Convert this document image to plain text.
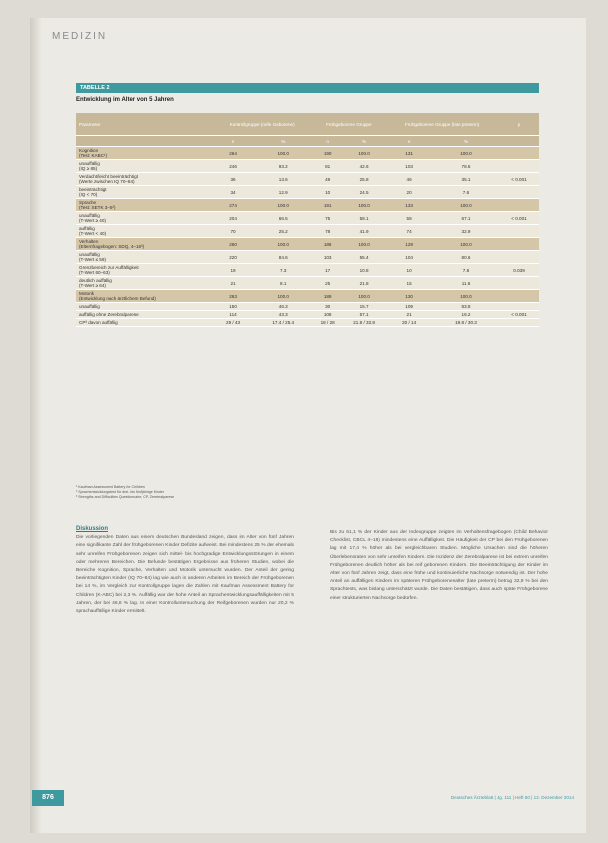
MEDIZIN
TABELLE 2
Entwicklung im Alter von 5 Jahren
Parameter	Kontrollgruppe (reife Geborene)		Frühgeborene Gruppe		Frühgeborene Gruppe (late preterm)		p
	n	%	n	%	n	%	

Kognition
(Test: KABC¹)	264	100.0	190	100.0	131	100.0	

unauffällig
(IQ ≥ 85)	246	93.2	81	42.6	103	78.6	

Verdacht/leicht beeinträchtigt
(Werte zwischen IQ 70–84)	36	13.6	49	25.8	46	35.1	< 0.001

beeinträchtigt
(IQ < 70)	34	12.9	10	24.5	20	7.6	

Sprache
(Test: SETK 3–5²)	274	100.0	191	100.0	133	100.0	

unauffällig
(T-Wert ≥ 40)	204	66.5	75	58.1	59	67.1	< 0.001

auffällig
(T-Wert < 40)	70	25.2	78	41.9	74	32.9	

Verhalten
(Elternfragebogen: SDQ, 4–16³)	260	100.0	186	100.0	129	100.0	

unauffällig
(T-Wert ≤ 59)	220	84.6	103	55.4	104	80.6	

Grenzbereich zur Auffälligkeit
(T-Wert 60–63)	19	7.3	17	10.8	10	7.8	0.039

deutlich auffällig
(T-Wert ≥ 64)	21	8.1	25	21.8	15	11.6	

Motorik
(Entwicklung nach ärztlichem Befund)	263	100.0	189	100.0	130	100.0	

unauffällig	150	46.3	30	15.7	109	83.8	

auffällig ohne Zerebralparese	114	43.3	108	57.1	21	16.2	< 0.001

CP³ davon auffällig	29 / 43	17.4 / 25.4	18 / 28	21.8 / 33.8	20 / 14	19.8 / 30.3	
¹ Kaufman Assessment Battery for Children
² Sprachentwicklungstest für drei- bis fünfjährige Kinder
³ Strengths and Difficulties Questionnaire; CP, Zerebralparese
Diskussion

Die vorliegenden Daten aus einem deutschen Bundesland zeigen, dass im Alter von fünf Jahren eine signifikante Zahl der frühgeborenen Kinder Defizite aufweist. Bei mindestens 25 % der ehemals sehr unreifen Frühgeborenen zeigen sich mittel- bis hochgradige Entwicklungsstörungen in einem oder mehreren Bereichen. Die Befunde bestätigen Ergebnisse aus früheren Studien, wobei die Bereiche Kognition, Sprache, Verhalten und Motorik untersucht wurden. Der Anteil der gering beeinträchtigten Kinder (IQ 70–84) lag wie auch in anderen Arbeiten im Bereich der Frühgeborenen bei 14 %, im Vergleich zur Kontrollgruppe lagen die Zahlen mit Kaufman Assessment Battery for Children (K-ABC) bei 2,3 %. Auffällig war der hohe Anteil an Sprachentwicklungsauffälligkeiten mit 5 Jahren, der bei 46,8 % lag. In einer Kontrolluntersuchung der Reifgeborenen wurden nur 20,2 % sprachauffällige Kinder ermittelt.

Bis zu 61,1 % der Kinder aus der Indexgruppe zeigten im Verhaltensfragebogen (Child Behavior Checklist, CBCL 4–18) mindestens eine Auffälligkeit. Die Häufigkeit der CP bei den Frühgeborenen lag mit 17,4 % höher als bei vergleichbaren Studien. Mögliche Ursachen sind die höheren Überlebensraten von sehr unreifen Kindern. Die Inzidenz der Zerebralparese ist bei extrem unreifen Frühgeborenen deutlich höher als bei reif geborenen Kindern. Die Beeinträchtigung der Kinder im Alter von fünf Jahren zeigt, dass eine frühe und kontinuierliche Nachsorge notwendig ist. Der hohe Anteil an auffälligen Kindern im späteren Frühgeborenenalter (late preterm) betrug 32,9 % bei den Sprachtests, was bislang unterschätzt wurde. Die Daten bestätigen, dass auch späte Frühgeborene einer strukturierten Nachsorge bedürfen.

876	Deutsches Ärzteblatt | Jg. 111 | Heft 50 | 12. Dezember 2014
